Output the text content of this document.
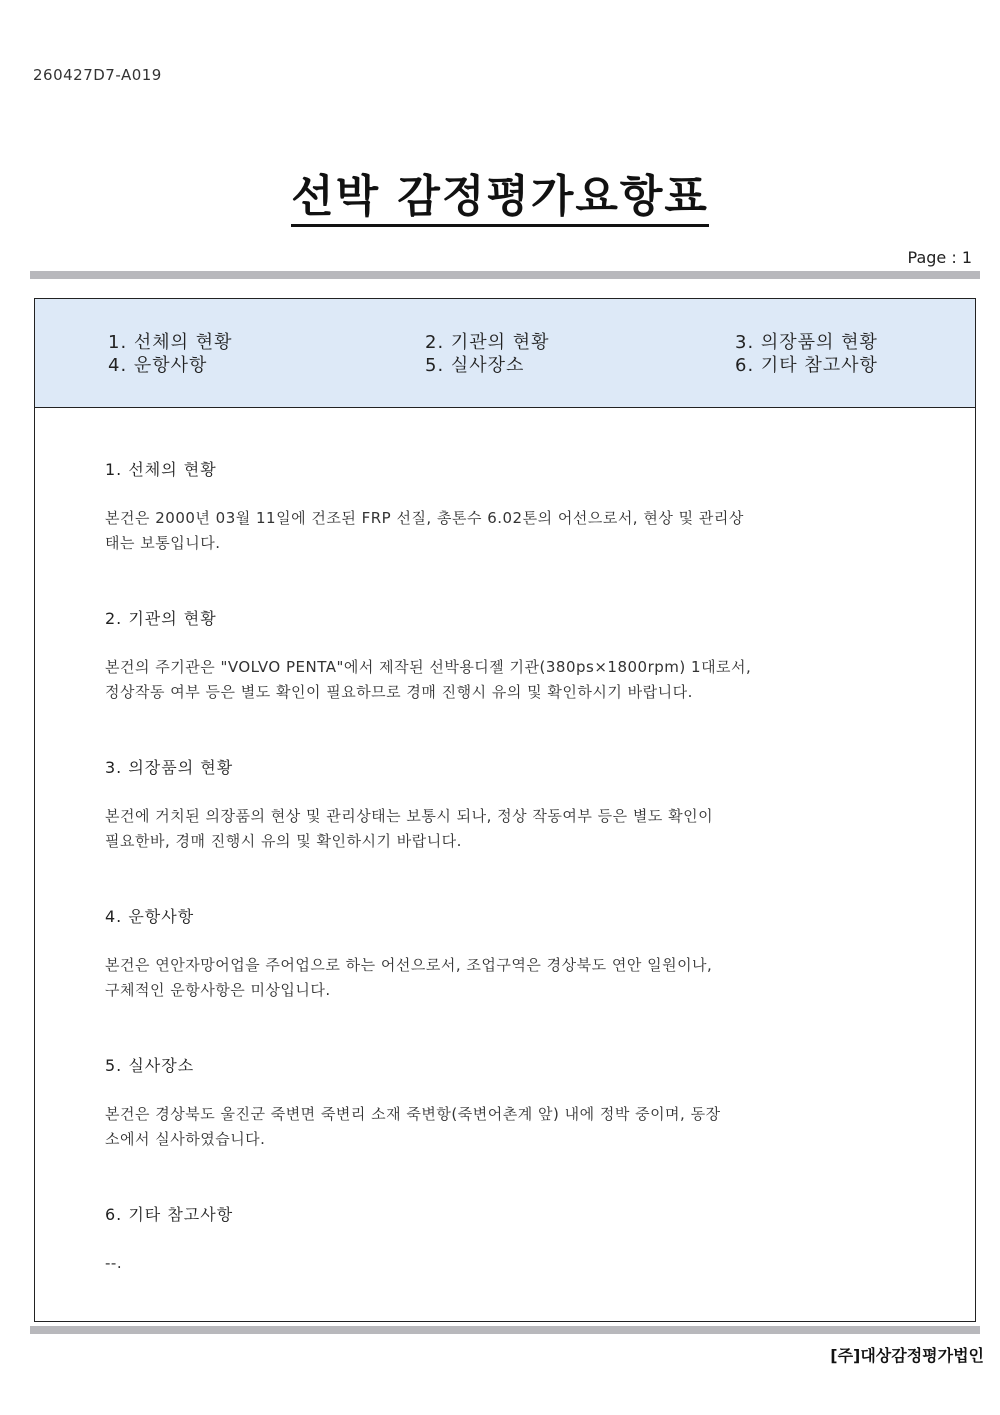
260427D7-A019
선박 감정평가요항표
Page : 1
1. 선체의 현황	2. 기관의 현황	3. 의장품의 현황
4. 운항사항	5. 실사장소	6. 기타 참고사항
1. 선체의 현황
본건은 2000년 03월 11일에 건조된 FRP 선질, 총톤수 6.02톤의 어선으로서, 현상 및 관리상
태는 보통입니다.
2. 기관의 현황
본건의 주기관은 "VOLVO PENTA"에서 제작된 선박용디젤 기관(380ps×1800rpm) 1대로서,
정상작동 여부 등은 별도 확인이 필요하므로 경매 진행시 유의 및 확인하시기 바랍니다.
3. 의장품의 현황
본건에 거치된 의장품의 현상 및 관리상태는 보통시 되나, 정상 작동여부 등은 별도 확인이
필요한바, 경매 진행시 유의 및 확인하시기 바랍니다.
4. 운항사항
본건은 연안자망어업을 주어업으로 하는 어선으로서, 조업구역은 경상북도 연안 일원이나,
구체적인 운항사항은 미상입니다.
5. 실사장소
본건은 경상북도 울진군 죽변면 죽변리 소재 죽변항(죽변어촌계 앞) 내에 정박 중이며, 동장
소에서 실사하였습니다.
6. 기타 참고사항
--.
[주]대상감정평가법인
